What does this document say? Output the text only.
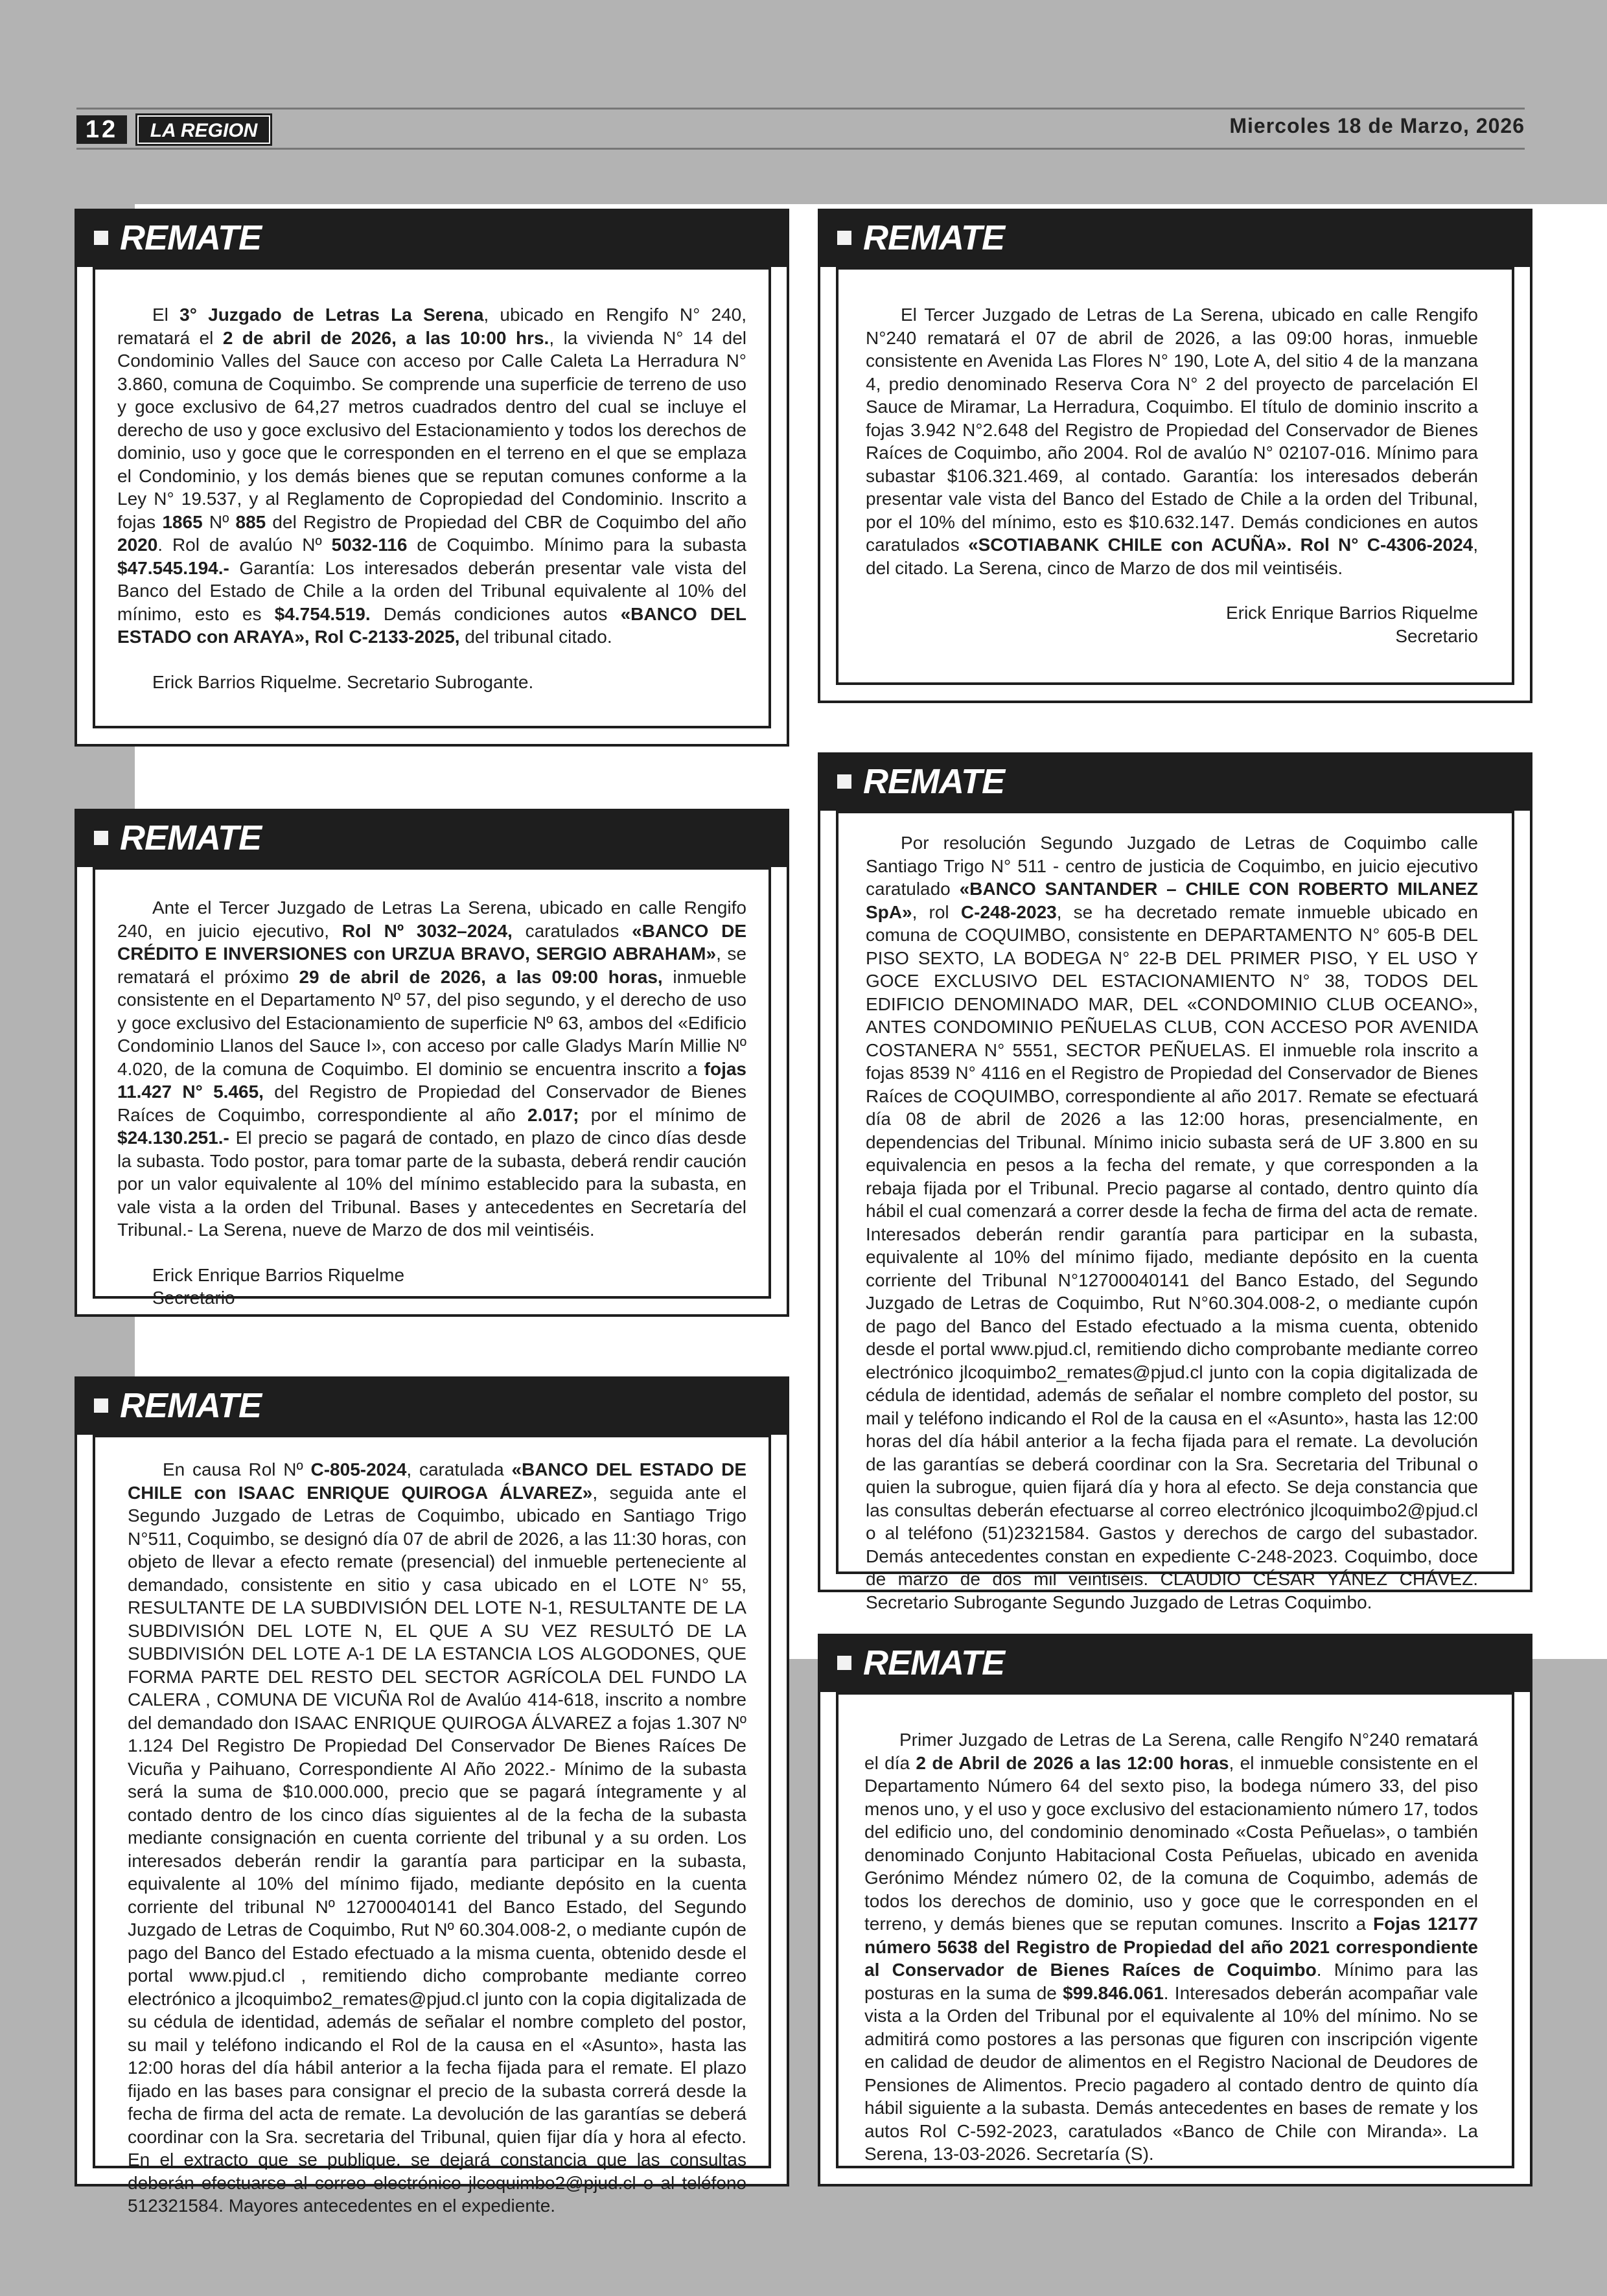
12	LA REGION	Miercoles 18 de Marzo, 2026
REMATE

El 3° Juzgado de Letras La Serena, ubicado en Rengifo N° 240, rematará el 2 de abril de 2026, a las 10:00 hrs., la vivienda N° 14 del Condominio Valles del Sauce con acceso por Calle Caleta La Herradura N° 3.860, comuna de Coquimbo. Se comprende una superficie de terreno de uso y goce exclusivo de 64,27 metros cuadrados dentro del cual se incluye el derecho de uso y goce exclusivo del Estacionamiento y todos los derechos de dominio, uso y goce que le corresponden en el terreno en el que se emplaza el Condominio, y los demás bienes que se reputan comunes conforme a la Ley N° 19.537, y al Reglamento de Copropiedad del Condominio. Inscrito a fojas 1865 Nº 885 del Registro de Propiedad del CBR de Coquimbo del año 2020. Rol de avalúo Nº 5032-116 de Coquimbo. Mínimo para la subasta $47.545.194.- Garantía: Los interesados deberán presentar vale vista del Banco del Estado de Chile a la orden del Tribunal equivalente al 10% del mínimo, esto es $4.754.519. Demás condiciones autos «BANCO DEL ESTADO con ARAYA», Rol C-2133-2025, del tribunal citado.

Erick Barrios Riquelme. Secretario Subrogante.
REMATE

El Tercer Juzgado de Letras de La Serena, ubicado en calle Rengifo N°240 rematará el 07 de abril de 2026, a las 09:00 horas, inmueble consistente en Avenida Las Flores N° 190, Lote A, del sitio 4 de la manzana 4, predio denominado Reserva Cora N° 2 del proyecto de parcelación El Sauce de Miramar, La Herradura, Coquimbo. El título de dominio inscrito a fojas 3.942 N°2.648 del Registro de Propiedad del Conservador de Bienes Raíces de Coquimbo, año 2004. Rol de avalúo N° 02107-016. Mínimo para subastar $106.321.469, al contado. Garantía: los interesados deberán presentar vale vista del Banco del Estado de Chile a la orden del Tribunal, por el 10% del mínimo, esto es $10.632.147. Demás condiciones en autos caratulados «SCOTIABANK CHILE con ACUÑA». Rol N° C-4306-2024, del citado. La Serena, cinco de Marzo de dos mil veintiséis.

Erick Enrique Barrios Riquelme
Secretario
REMATE

Ante el Tercer Juzgado de Letras La Serena, ubicado en calle Rengifo 240, en juicio ejecutivo, Rol Nº 3032–2024, caratulados «BANCO DE CRÉDITO E INVERSIONES con URZUA BRAVO, SERGIO ABRAHAM», se rematará el próximo 29 de abril de 2026, a las 09:00 horas, inmueble consistente en el Departamento Nº 57, del piso segundo, y el derecho de uso y goce exclusivo del Estacionamiento de superficie Nº 63, ambos del «Edificio Condominio Llanos del Sauce I», con acceso por calle Gladys Marín Millie Nº 4.020, de la comuna de Coquimbo. El dominio se encuentra inscrito a fojas 11.427 N° 5.465, del Registro de Propiedad del Conservador de Bienes Raíces de Coquimbo, correspondiente al año 2.017; por el mínimo de $24.130.251.- El precio se pagará de contado, en plazo de cinco días desde la subasta. Todo postor, para tomar parte de la subasta, deberá rendir caución por un valor equivalente al 10% del mínimo establecido para la subasta, en vale vista a la orden del Tribunal. Bases y antecedentes en Secretaría del Tribunal.- La Serena, nueve de Marzo de dos mil veintiséis.

Erick Enrique Barrios Riquelme
Secretario
REMATE

Por resolución Segundo Juzgado de Letras de Coquimbo calle Santiago Trigo N° 511 - centro de justicia de Coquimbo, en juicio ejecutivo caratulado «BANCO SANTANDER – CHILE CON ROBERTO MILANEZ SpA», rol C-248-2023, se ha decretado remate inmueble ubicado en comuna de COQUIMBO, consistente en DEPARTAMENTO N° 605-B DEL PISO SEXTO, LA BODEGA N° 22-B DEL PRIMER PISO, Y EL USO Y GOCE EXCLUSIVO DEL ESTACIONAMIENTO N° 38, TODOS DEL EDIFICIO DENOMINADO MAR, DEL «CONDOMINIO CLUB OCEANO», ANTES CONDOMINIO PEÑUELAS CLUB, CON ACCESO POR AVENIDA COSTANERA N° 5551, SECTOR PEÑUELAS. El inmueble rola inscrito a fojas 8539 N° 4116 en el Registro de Propiedad del Conservador de Bienes Raíces de COQUIMBO, correspondiente al año 2017. Remate se efectuará día 08 de abril de 2026 a las 12:00 horas, presencialmente, en dependencias del Tribunal. Mínimo inicio subasta será de UF 3.800 en su equivalencia en pesos a la fecha del remate, y que corresponden a la rebaja fijada por el Tribunal. Precio pagarse al contado, dentro quinto día hábil el cual comenzará a correr desde la fecha de firma del acta de remate. Interesados deberán rendir garantía para participar en la subasta, equivalente al 10% del mínimo fijado, mediante depósito en la cuenta corriente del Tribunal N°12700040141 del Banco Estado, del Segundo Juzgado de Letras de Coquimbo, Rut N°60.304.008-2, o mediante cupón de pago del Banco del Estado efectuado a la misma cuenta, obtenido desde el portal www.pjud.cl, remitiendo dicho comprobante mediante correo electrónico jlcoquimbo2_remates@pjud.cl junto con la copia digitalizada de cédula de identidad, además de señalar el nombre completo del postor, su mail y teléfono indicando el Rol de la causa en el «Asunto», hasta las 12:00 horas del día hábil anterior a la fecha fijada para el remate. La devolución de las garantías se deberá coordinar con la Sra. Secretaria del Tribunal o quien la subrogue, quien fijará día y hora al efecto. Se deja constancia que las consultas deberán efectuarse al correo electrónico jlcoquimbo2@pjud.cl o al teléfono (51)2321584. Gastos y derechos de cargo del subastador. Demás antecedentes constan en expediente C-248-2023. Coquimbo, doce de marzo de dos mil veintiséis. CLAUDIO CÉSAR YÁNEZ CHÁVEZ. Secretario Subrogante Segundo Juzgado de Letras Coquimbo.

REMATE

En causa Rol Nº C-805-2024, caratulada «BANCO DEL ESTADO DE CHILE con ISAAC ENRIQUE QUIROGA ÁLVAREZ», seguida ante el Segundo Juzgado de Letras de Coquimbo, ubicado en Santiago Trigo N°511, Coquimbo, se designó día 07 de abril de 2026, a las 11:30 horas, con objeto de llevar a efecto remate (presencial) del inmueble perteneciente al demandado, consistente en sitio y casa ubicado en el LOTE N° 55, RESULTANTE DE LA SUBDIVISIÓN DEL LOTE N-1, RESULTANTE DE LA SUBDIVISIÓN DEL LOTE N, EL QUE A SU VEZ RESULTÓ DE LA SUBDIVISIÓN DEL LOTE A-1 DE LA ESTANCIA LOS ALGODONES, QUE FORMA PARTE DEL RESTO DEL SECTOR AGRÍCOLA DEL FUNDO LA CALERA , COMUNA DE VICUÑA Rol de Avalúo 414-618, inscrito a nombre del demandado don ISAAC ENRIQUE QUIROGA ÁLVAREZ a fojas 1.307 Nº 1.124 Del Registro De Propiedad Del Conservador De Bienes Raíces De Vicuña y Paihuano, Correspondiente Al Año 2022.- Mínimo de la subasta será la suma de $10.000.000, precio que se pagará íntegramente y al contado dentro de los cinco días siguientes al de la fecha de la subasta mediante consignación en cuenta corriente del tribunal y a su orden. Los interesados deberán rendir la garantía para participar en la subasta, equivalente al 10% del mínimo fijado, mediante depósito en la cuenta corriente del tribunal Nº 12700040141 del Banco Estado, del Segundo Juzgado de Letras de Coquimbo, Rut Nº 60.304.008-2, o mediante cupón de pago del Banco del Estado efectuado a la misma cuenta, obtenido desde el portal www.pjud.cl , remitiendo dicho comprobante mediante correo electrónico a jlcoquimbo2_remates@pjud.cl junto con la copia digitalizada de su cédula de identidad, además de señalar el nombre completo del postor, su mail y teléfono indicando el Rol de la causa en el «Asunto», hasta las 12:00 horas del día hábil anterior a la fecha fijada para el remate. El plazo fijado en las bases para consignar el precio de la subasta correrá desde la fecha de firma del acta de remate. La devolución de las garantías se deberá coordinar con la Sra. secretaria del Tribunal, quien fijar día y hora al efecto. En el extracto que se publique, se dejará constancia que las consultas deberán efectuarse al correo electrónico jlcoquimbo2@pjud.cl o al teléfono 512321584. Mayores antecedentes en el expediente.

REMATE

Primer Juzgado de Letras de La Serena, calle Rengifo N°240 rematará el día 2 de Abril de 2026 a las 12:00 horas, el inmueble consistente en el Departamento Número 64 del sexto piso, la bodega número 33, del piso menos uno, y el uso y goce exclusivo del estacionamiento número 17, todos del edificio uno, del condominio denominado «Costa Peñuelas», o también denominado Conjunto Habitacional Costa Peñuelas, ubicado en avenida Gerónimo Méndez número 02, de la comuna de Coquimbo, además de todos los derechos de dominio, uso y goce que le corresponden en el terreno, y demás bienes que se reputan comunes. Inscrito a Fojas 12177 número 5638 del Registro de Propiedad del año 2021 correspondiente al Conservador de Bienes Raíces de Coquimbo. Mínimo para las posturas en la suma de $99.846.061. Interesados deberán acompañar vale vista a la Orden del Tribunal por el equivalente al 10% del mínimo. No se admitirá como postores a las personas que figuren con inscripción vigente en calidad de deudor de alimentos en el Registro Nacional de Deudores de Pensiones de Alimentos. Precio pagadero al contado dentro de quinto día hábil siguiente a la subasta. Demás antecedentes en bases de remate y los autos Rol C-592-2023, caratulados «Banco de Chile con Miranda». La Serena, 13-03-2026. Secretaría (S).
